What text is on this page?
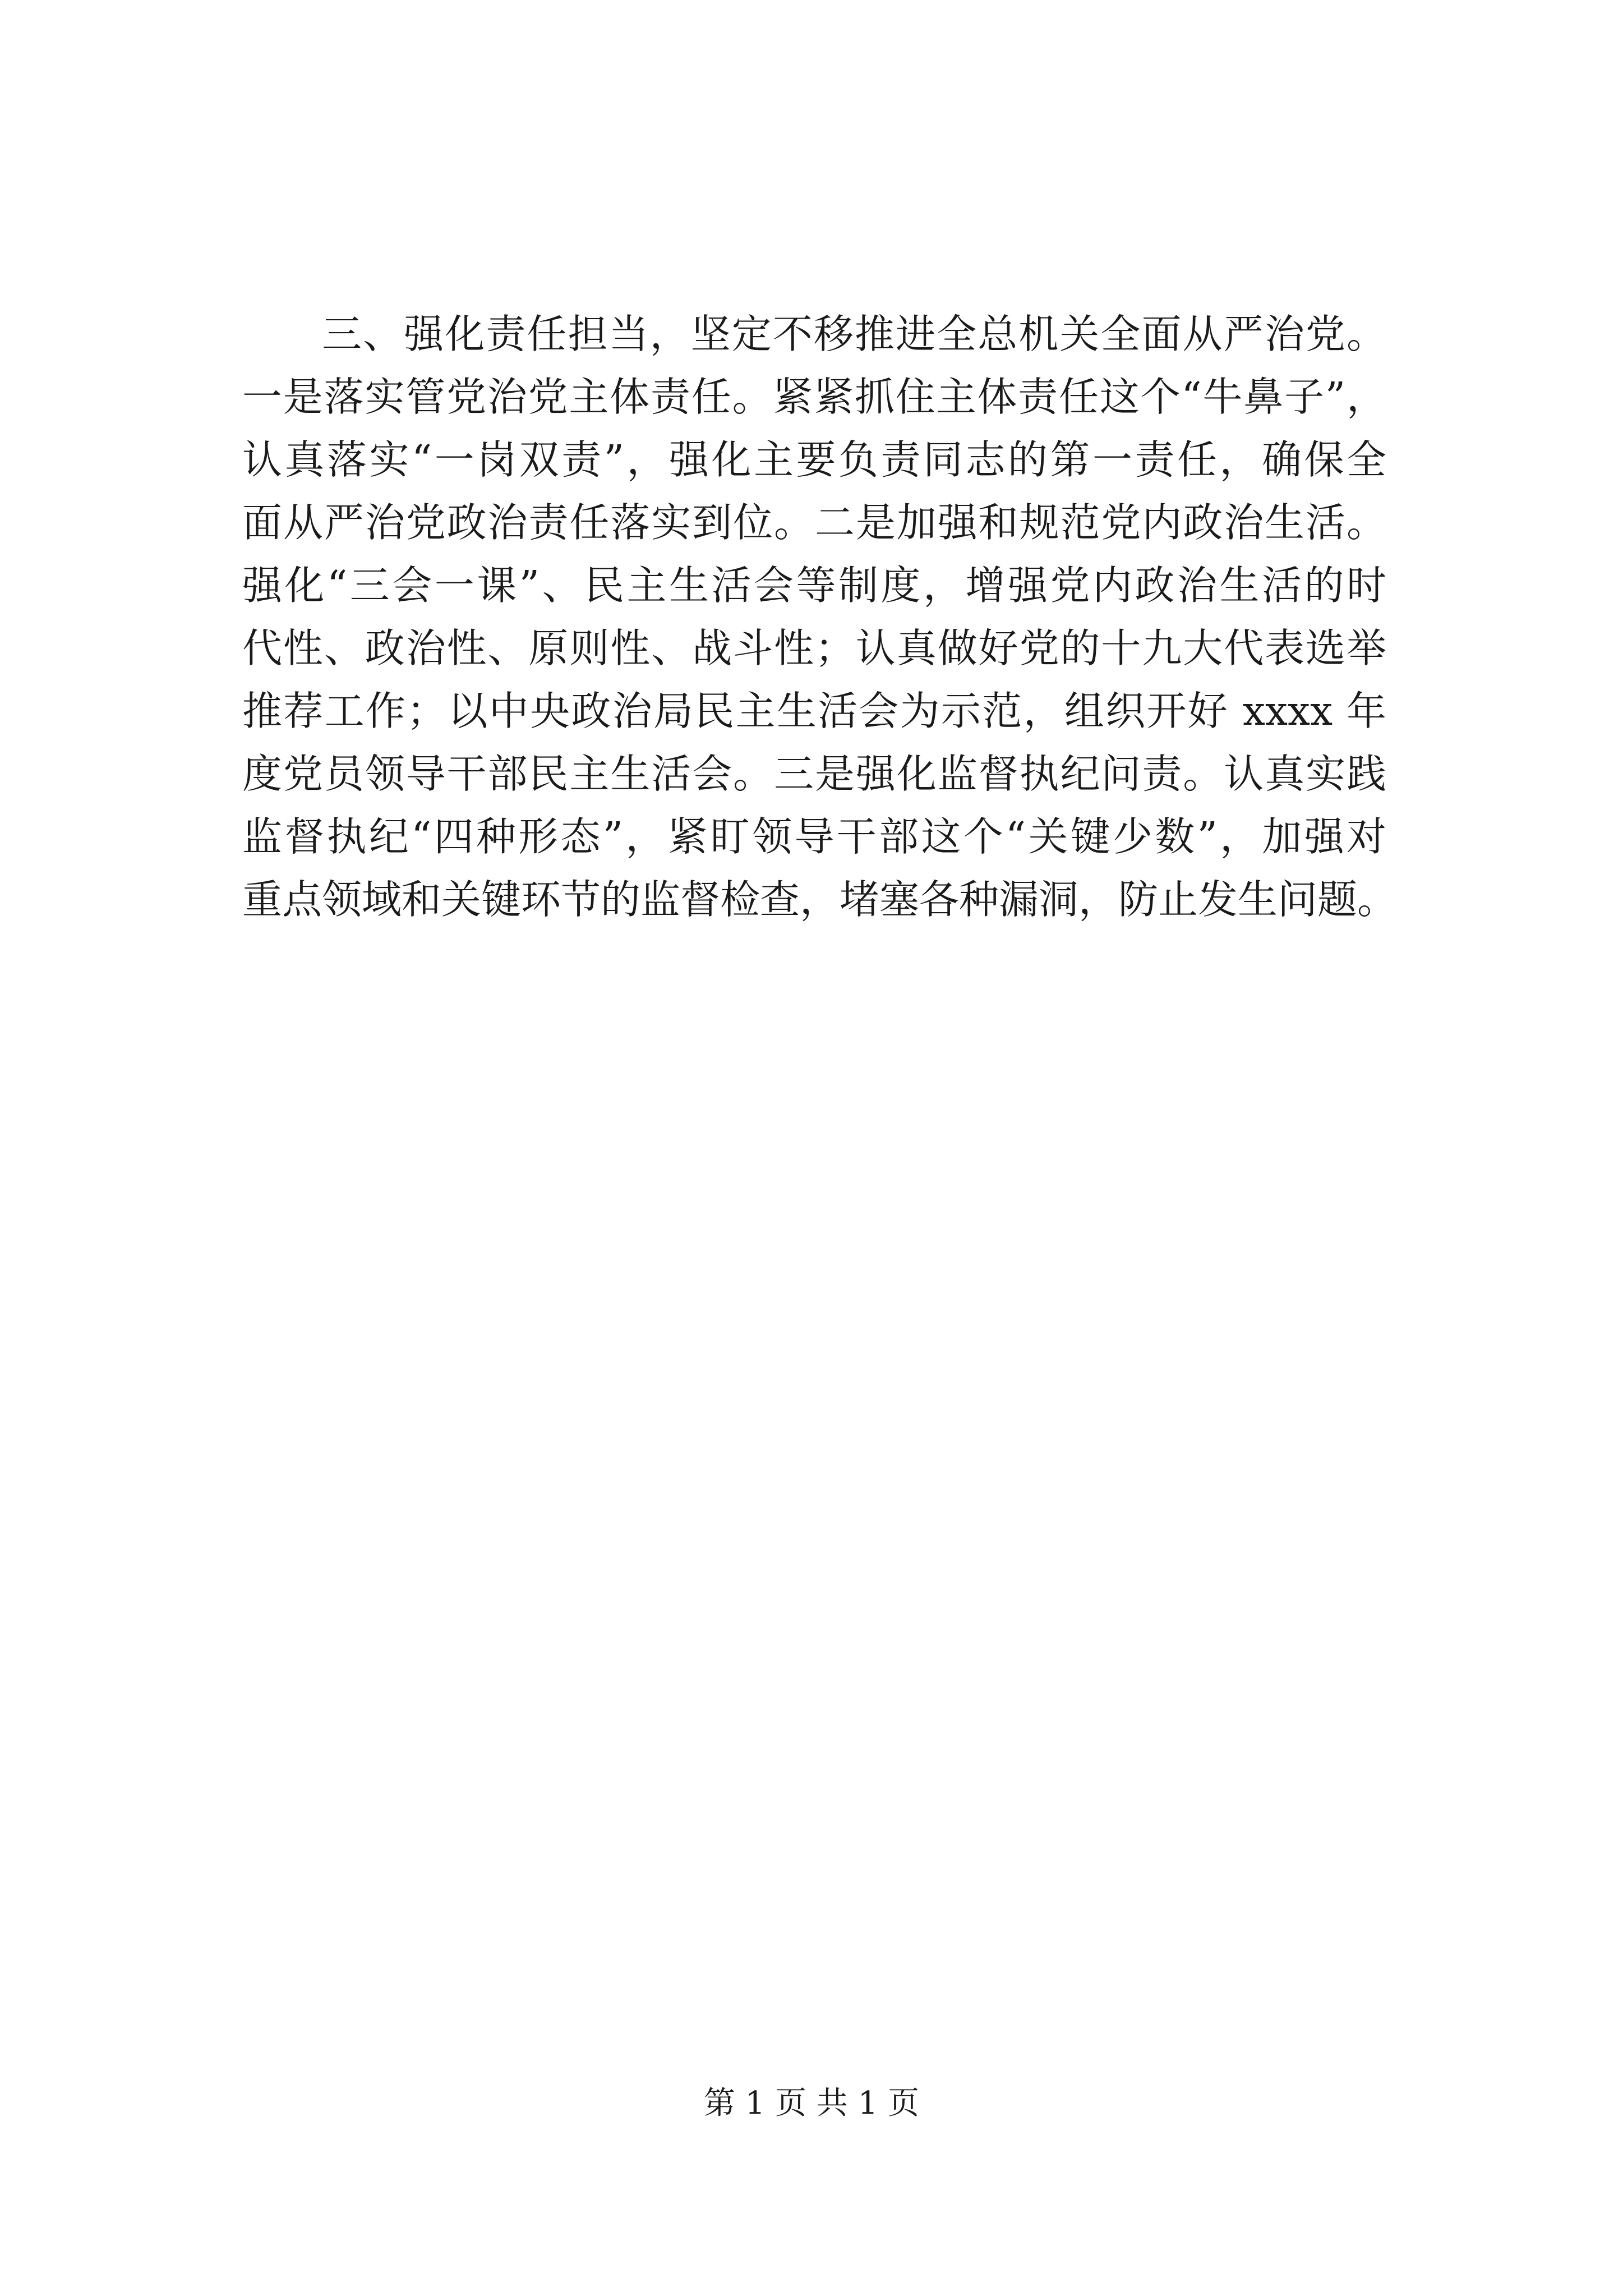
三、强化责任担当，坚定不移推进全总机关全面从严治党。
一是落实管党治党主体责任。紧紧抓住主体责任这个“牛鼻子”，
认真落实“一岗双责”，强化主要负责同志的第一责任，确保全
面从严治党政治责任落实到位。二是加强和规范党内政治生活。
强化“三会一课”、民主生活会等制度，增强党内政治生活的时
代性、政治性、原则性、战斗性；认真做好党的十九大代表选举
推荐工作；以中央政治局民主生活会为示范，组织开好 xxxx 年
度党员领导干部民主生活会。三是强化监督执纪问责。认真实践
监督执纪“四种形态”，紧盯领导干部这个“关键少数”，加强对
重点领域和关键环节的监督检查，堵塞各种漏洞，防止发生问题。
第 1 页 共 1 页
